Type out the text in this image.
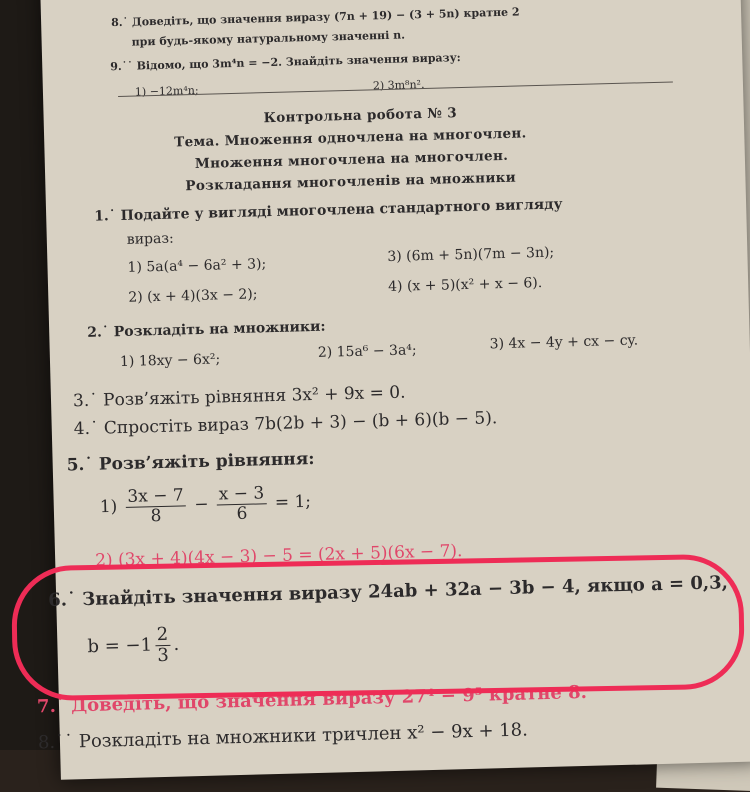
8.˙ Доведіть, що значення виразу (7n + 19) − (3 + 5n) кратне 2
при будь-якому натуральному значенні n.
9.˙˙ Відомо, що 3m⁴n = −2. Знайдіть значення виразу:
1) −12m⁴n;	2) 3m⁸n².
Контрольна робота № 3
Тема. Множення одночлена на многочлен.
Множення многочлена на многочлен.
Розкладання многочленів на множники
1.˙ Подайте у вигляді многочлена стандартного вигляду
вираз:
1) 5a(a⁴ − 6a² + 3);
3) (6m + 5n)(7m − 3n);
2) (x + 4)(3x − 2);
4) (x + 5)(x² + x − 6).
2.˙ Розкладіть на множники:
1) 18xy − 6x²;	2) 15a⁶ − 3a⁴;	3) 4x − 4y + cx − cy.
3.˙ Розв’яжіть рівняння 3x² + 9x = 0.
4.˙ Спростіть вираз 7b(2b + 3) − (b + 6)(b − 5).
5.˙ Розв’яжіть рівняння:
$1) \frac{3x - 7}{8} - \frac{x - 3}{6} = 1$;
2) (3x + 4)(4x − 3) − 5 = (2x + 5)(6x − 7).
6.˙ Знайдіть значення виразу 24ab + 32a − 3b − 4, якщо a = 0,3,
$b = -1 \frac{2}{3}$ .
7.˙ Доведіть, що значення виразу 27⁴ − 9⁵ кратне 8.
8.˙˙ Розкладіть на множники тричлен x² − 9x + 18.
